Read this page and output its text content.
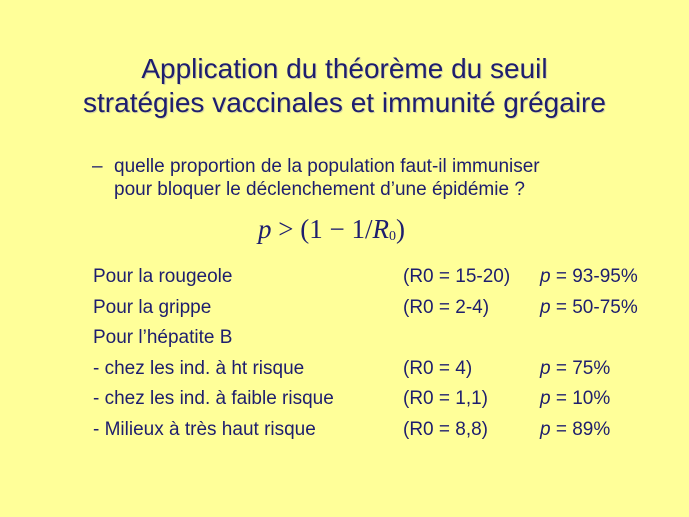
Application du théorème du seuil
stratégies vaccinales et immunité grégaire
– quelle proportion de la population faut-il immuniser
pour bloquer le déclenchement d’une épidémie ?
p > (1 − 1/R0)
Pour la rougeole	(R0 = 15-20) p = 93-95%
Pour la grippe	(R0 = 2-4)	p = 50-75%
Pour l’hépatite B
- chez les ind. à ht risque	(R0 = 4)	p = 75%
- chez les ind. à faible risque	(R0 = 1,1)	p = 10%
- Milieux à très haut risque	(R0 = 8,8)	p = 89%
